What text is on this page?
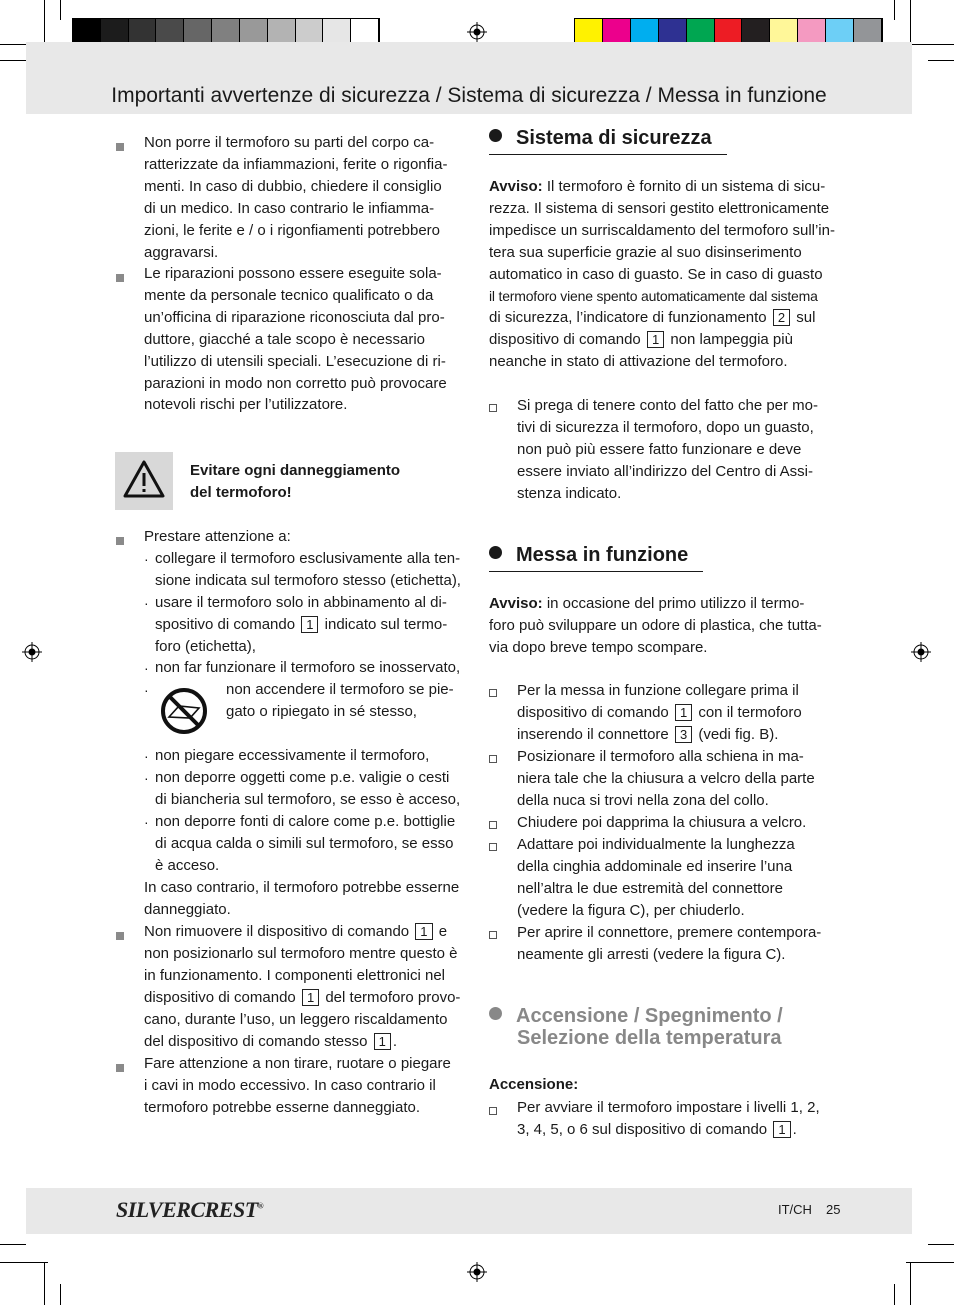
Importanti avvertenze di sicurezza / Sistema di sicurezza / Messa in funzione
Non porre il termoforo su parti del corpo ca-
ratterizzate da infiammazioni, ferite o rigonfia-
menti. In caso di dubbio, chiedere il consiglio
di un medico. In caso contrario le infiamma-
zioni, le ferite e / o i rigonfiamenti potrebbero
aggravarsi.
Le riparazioni possono essere eseguite sola-
mente da personale tecnico qualificato o da
un’officina di riparazione riconosciuta dal pro-
duttore, giacché a tale scopo è necessario
l’utilizzo di utensili speciali. L’esecuzione di ri-
parazioni in modo non corretto può provocare
notevoli rischi per l’utilizzatore.
Evitare ogni danneggiamento
del termoforo!
Prestare attenzione a:
· collegare il termoforo esclusivamente alla ten-
sione indicata sul termoforo stesso (etichetta),
· usare il termoforo solo in abbinamento al di-
spositivo di comando 1 indicato sul termo-
foro (etichetta),
· non far funzionare il termoforo se inosservato,
·	non accendere il termoforo se pie-
gato o ripiegato in sé stesso,
· non piegare eccessivamente il termoforo,
· non deporre oggetti come p.e. valigie o cesti
di biancheria sul termoforo, se esso è acceso,
· non deporre fonti di calore come p.e. bottiglie
di acqua calda o simili sul termoforo, se esso
è acceso.
In caso contrario, il termoforo potrebbe esserne
danneggiato.
Non rimuovere il dispositivo di comando 1 e
non posizionarlo sul termoforo mentre questo è
in funzionamento. I componenti elettronici nel
dispositivo di comando 1 del termoforo provo-
cano, durante l’uso, un leggero riscaldamento
del dispositivo di comando stesso 1 .
Fare attenzione a non tirare, ruotare o piegare
i cavi in modo eccessivo. In caso contrario il
termoforo potrebbe esserne danneggiato.
Sistema di sicurezza
Avviso: Il termoforo è fornito di un sistema di sicu-
rezza. Il sistema di sensori gestito elettronicamente
impedisce un surriscaldamento del termoforo sull’in-
tera sua superficie grazie al suo disinserimento
automatico in caso di guasto. Se in caso di guasto
il termoforo viene spento automaticamente dal sistema
di sicurezza, l’indicatore di funzionamento 2 sul
dispositivo di comando 1 non lampeggia più
neanche in stato di attivazione del termoforo.
Si prega di tenere conto del fatto che per mo-
tivi di sicurezza il termoforo, dopo un guasto,
non può più essere fatto funzionare e deve
essere inviato all’indirizzo del Centro di Assi-
stenza indicato.
Messa in funzione
Avviso: in occasione del primo utilizzo il termo-
foro può sviluppare un odore di plastica, che tutta-
via dopo breve tempo scompare.
Per la messa in funzione collegare prima il
dispositivo di comando 1 con il termoforo
inserendo il connettore 3 (vedi fig. B).
Posizionare il termoforo alla schiena in ma-
niera tale che la chiusura a velcro della parte
della nuca si trovi nella zona del collo.
Chiudere poi dapprima la chiusura a velcro.
Adattare poi individualmente la lunghezza
della cinghia addominale ed inserire l’una
nell’altra le due estremità del connettore
(vedere la figura C), per chiuderlo.
Per aprire il connettore, premere contempora-
neamente gli arresti (vedere la figura C).
Accensione / Spegnimento /
Selezione della temperatura
Accensione:
Per avviare il termoforo impostare i livelli 1, 2,
3, 4, 5, o 6 sul dispositivo di comando 1 .
SILVERCREST®	IT/CH 25
